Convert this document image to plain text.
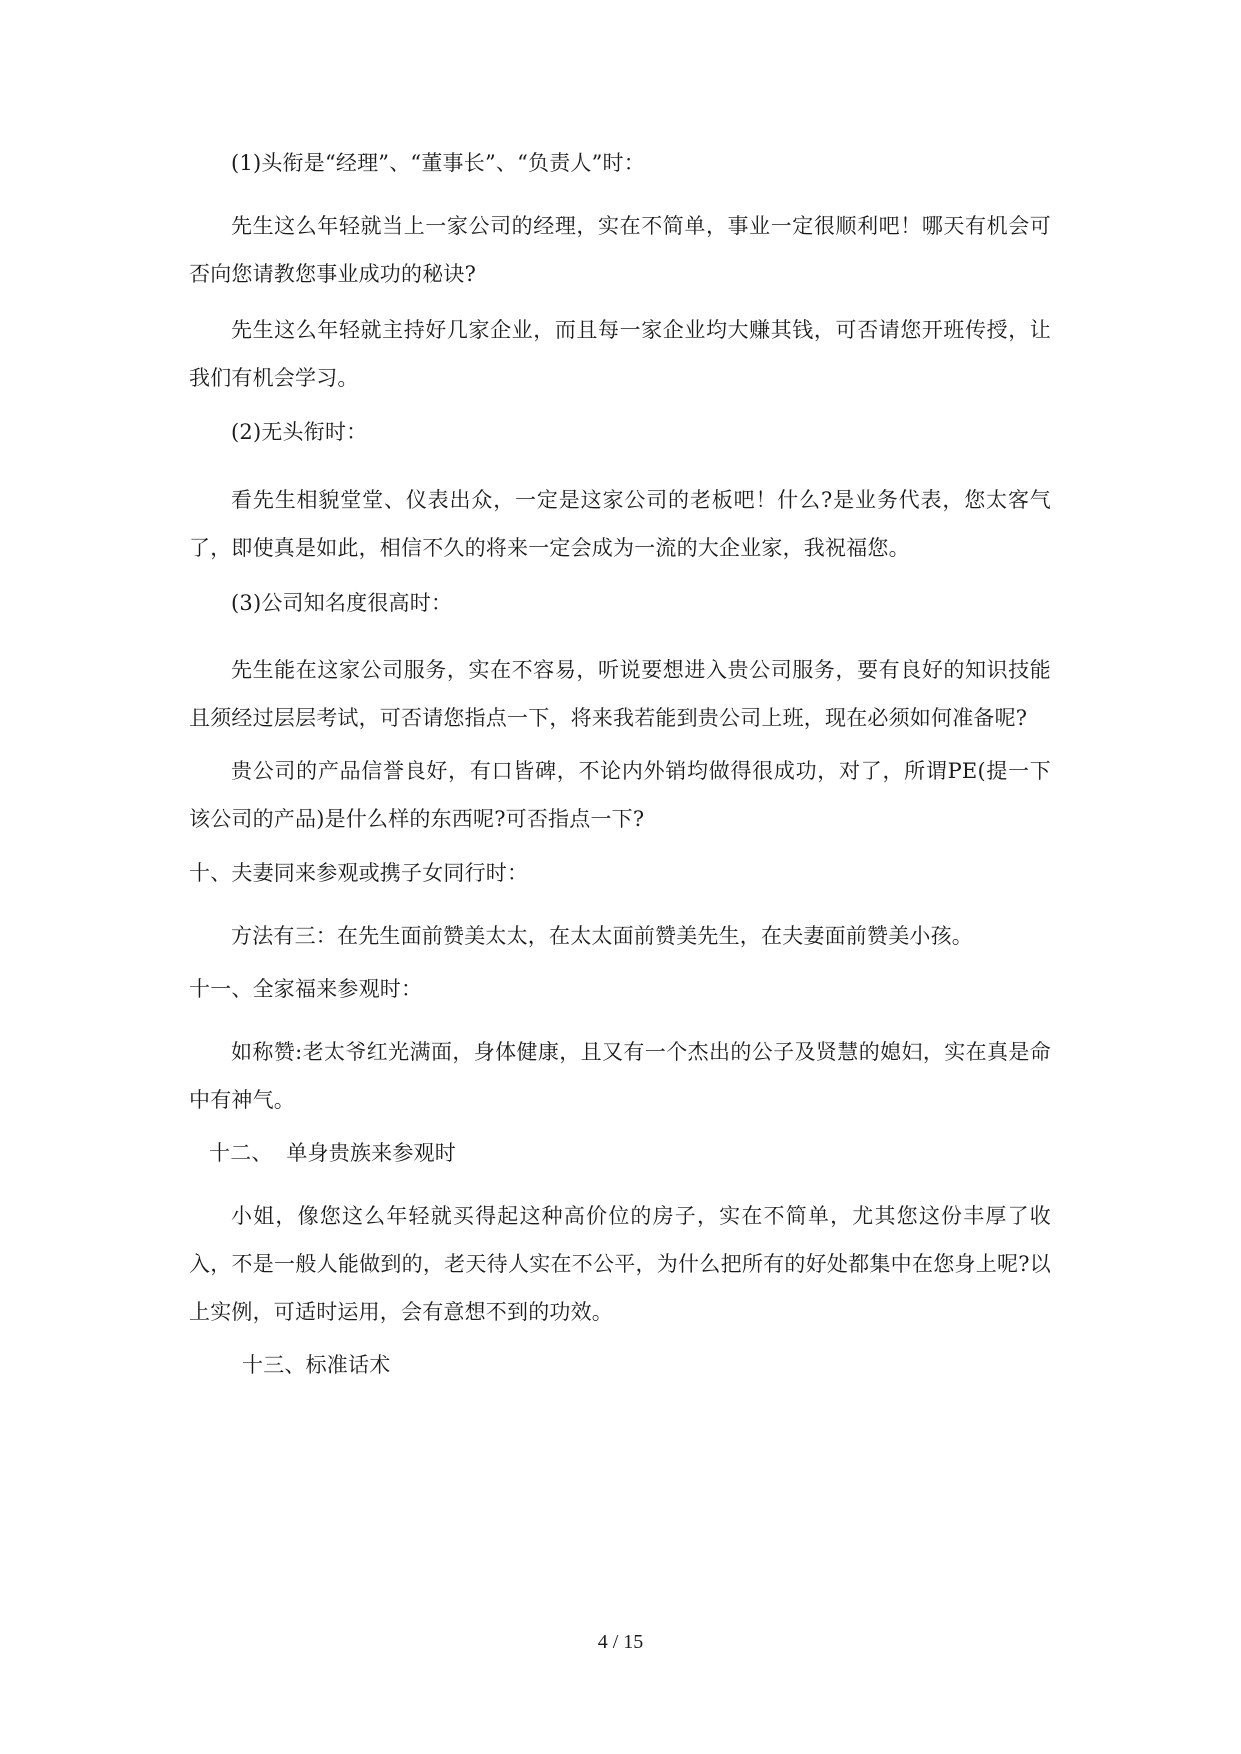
(1)头衔是“经理”、“董事长”、“负责人”时：
先生这么年轻就当上一家公司的经理，实在不简单，事业一定很顺利吧！哪天有机会可否向您请教您事业成功的秘诀?
先生这么年轻就主持好几家企业，而且每一家企业均大赚其钱，可否请您开班传授，让我们有机会学习。
(2)无头衔时：
看先生相貌堂堂、仪表出众，一定是这家公司的老板吧！什么?是业务代表，您太客气了，即使真是如此，相信不久的将来一定会成为一流的大企业家，我祝福您。
(3)公司知名度很高时：
先生能在这家公司服务，实在不容易，听说要想进入贵公司服务，要有良好的知识技能且须经过层层考试，可否请您指点一下，将来我若能到贵公司上班，现在必须如何准备呢?
贵公司的产品信誉良好，有口皆碑，不论内外销均做得很成功，对了，所谓PE(提一下该公司的产品)是什么样的东西呢?可否指点一下?
十、夫妻同来参观或携子女同行时：
方法有三：在先生面前赞美太太，在太太面前赞美先生，在夫妻面前赞美小孩。
十一、全家福来参观时：
如称赞:老太爷红光满面，身体健康，且又有一个杰出的公子及贤慧的媳妇，实在真是命中有神气。
十二、  单身贵族来参观时
小姐，像您这么年轻就买得起这种高价位的房子，实在不简单，尤其您这份丰厚了收入，不是一般人能做到的，老天待人实在不公平，为什么把所有的好处都集中在您身上呢?以上实例，可适时运用，会有意想不到的功效。
十三、标准话术
4 / 15
